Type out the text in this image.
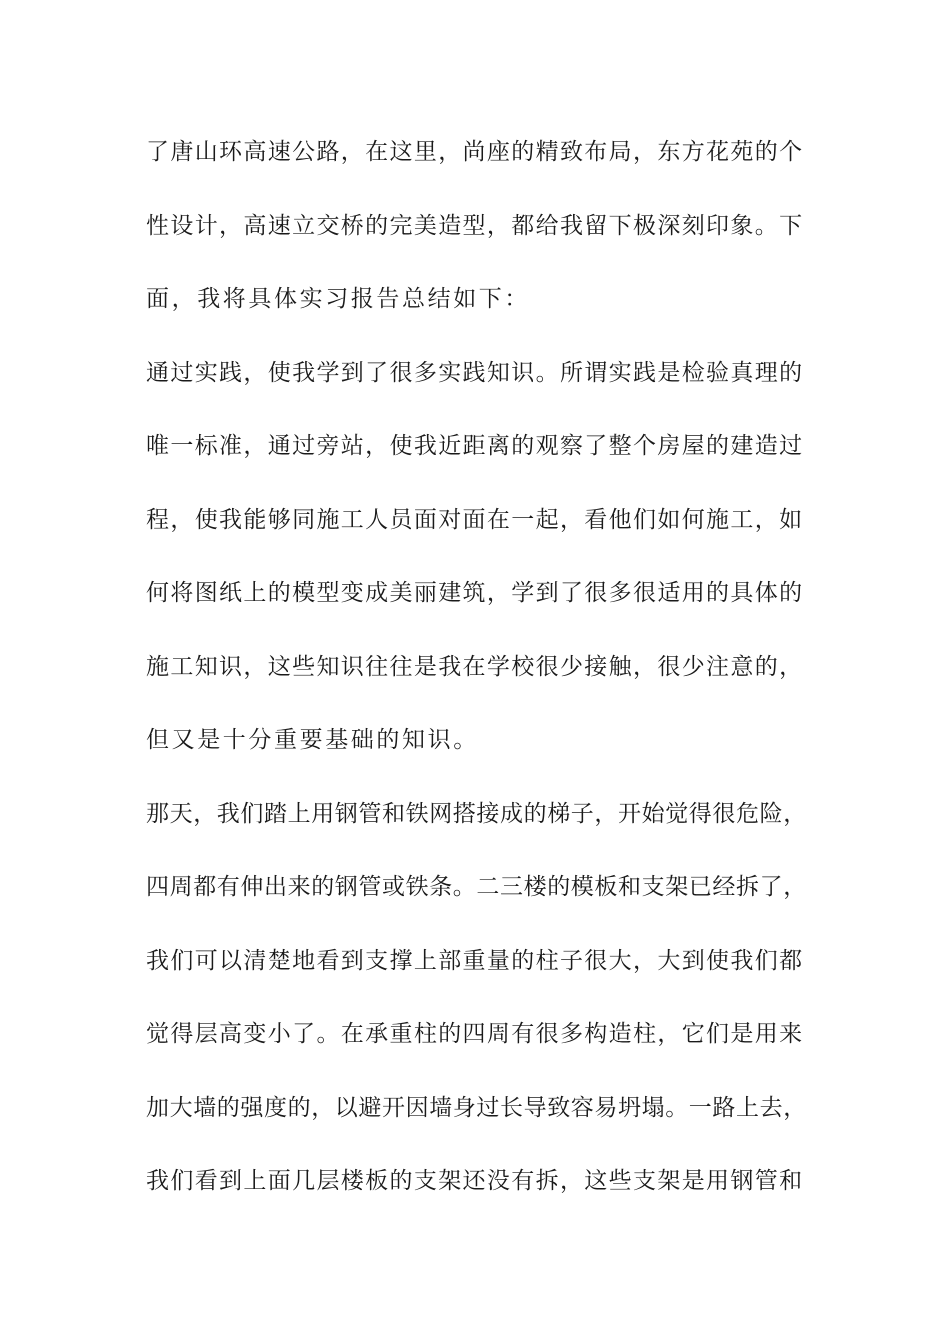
了唐山环高速公路，在这里，尚座的精致布局，东方花苑的个

性设计，高速立交桥的完美造型，都给我留下极深刻印象。下

面，我将具体实习报告总结如下：

通过实践，使我学到了很多实践知识。所谓实践是检验真理的

唯一标准，通过旁站，使我近距离的观察了整个房屋的建造过

程，使我能够同施工人员面对面在一起，看他们如何施工，如

何将图纸上的模型变成美丽建筑，学到了很多很适用的具体的

施工知识，这些知识往往是我在学校很少接触，很少注意的，

但又是十分重要基础的知识。

那天，我们踏上用钢管和铁网搭接成的梯子，开始觉得很危险，

四周都有伸出来的钢管或铁条。二三楼的模板和支架已经拆了，

我们可以清楚地看到支撑上部重量的柱子很大，大到使我们都

觉得层高变小了。在承重柱的四周有很多构造柱，它们是用来

加大墙的强度的，以避开因墙身过长导致容易坍塌。一路上去，

我们看到上面几层楼板的支架还没有拆，这些支架是用钢管和
